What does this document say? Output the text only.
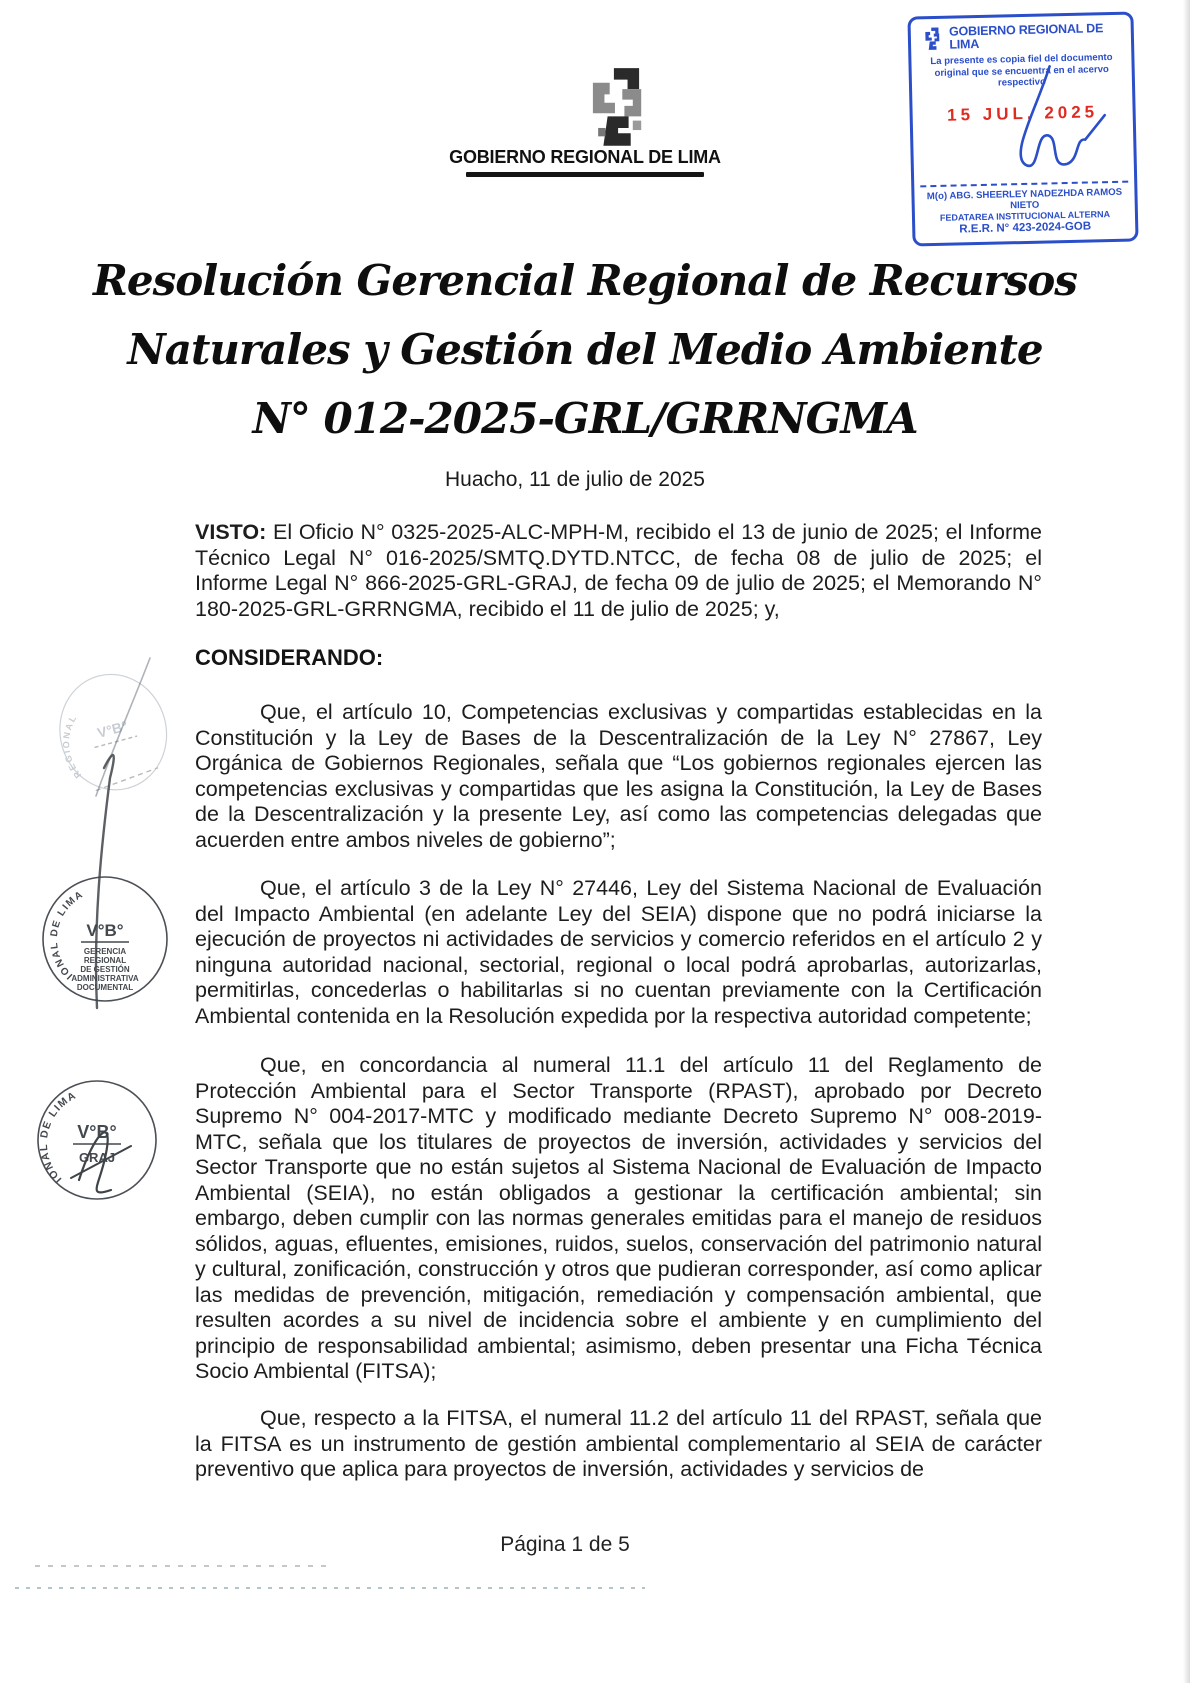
GOBIERNO REGIONAL DE LIMA
GOBIERNO REGIONAL DE LIMA
La presente es copia fiel del documento
original que se encuentra en el acervo
respectivo
15 JUL. 2025
M(o) ABG. SHEERLEY NADEZHDA RAMOS NIETO
FEDATAREA INSTITUCIONAL ALTERNA
R.E.R. N° 423-2024-GOB
Resolución Gerencial Regional de Recursos
Naturales y Gestión del Medio Ambiente
N° 012-2025-GRL/GRRNGMA
Huacho, 11 de julio de 2025

VISTO: El Oficio N° 0325-2025-ALC-MPH-M, recibido el 13 de junio de 2025; el Informe Técnico Legal N° 016-2025/SMTQ.DYTD.NTCC, de fecha 08 de julio de 2025; el Informe Legal N° 866-2025-GRL-GRAJ, de fecha 09 de julio de 2025; el Memorando N° 180-2025-GRL-GRRNGMA, recibido el 11 de julio de 2025; y,

CONSIDERANDO:

Que, el artículo 10, Competencias exclusivas y compartidas establecidas en la Constitución y la Ley de Bases de la Descentralización de la Ley N° 27867, Ley Orgánica de Gobiernos Regionales, señala que “Los gobiernos regionales ejercen las competencias exclusivas y compartidas que les asigna la Constitución, la Ley de Bases de la Descentralización y la presente Ley, así como las competencias delegadas que acuerden entre ambos niveles de gobierno”;

Que, el artículo 3 de la Ley N° 27446, Ley del Sistema Nacional de Evaluación del Impacto Ambiental (en adelante Ley del SEIA) dispone que no podrá iniciarse la ejecución de proyectos ni actividades de servicios y comercio referidos en el artículo 2 y ninguna autoridad nacional, sectorial, regional o local podrá aprobarlas, autorizarlas, permitirlas, concederlas o habilitarlas si no cuentan previamente con la Certificación Ambiental contenida en la Resolución expedida por la respectiva autoridad competente;

Que, en concordancia al numeral 11.1 del artículo 11 del Reglamento de Protección Ambiental para el Sector Transporte (RPAST), aprobado por Decreto Supremo N° 004-2017-MTC y modificado mediante Decreto Supremo N° 008-2019-MTC, señala que los titulares de proyectos de inversión, actividades y servicios del Sector Transporte que no están sujetos al Sistema Nacional de Evaluación de Impacto Ambiental (SEIA), no están obligados a gestionar la certificación ambiental; sin embargo, deben cumplir con las normas generales emitidas para el manejo de residuos sólidos, aguas, efluentes, emisiones, ruidos, suelos, conservación del patrimonio natural y cultural, zonificación, construcción y otros que pudieran corresponder, así como aplicar las medidas de prevención, mitigación, remediación y compensación ambiental, que resulten acordes a su nivel de incidencia sobre el ambiente y en cumplimiento del principio de responsabilidad ambiental; asimismo, deben presentar una Ficha Técnica Socio Ambiental (FITSA);

Que, respecto a la FITSA, el numeral 11.2 del artículo 11 del RPAST, señala que la FITSA es un instrumento de gestión ambiental complementario al SEIA de carácter preventivo que aplica para proyectos de inversión, actividades y servicios de

Página 1 de 5
GOBIERNO REGIONAL	V°B°
GOBIERNO REGIONAL DE LIMA
V°B°
GERENCIA
REGIONAL
DE GESTIÓN
ADMINISTRATIVA
DOCUMENTAL
GOBIERNO REGIONAL DE LIMA
V°B°
GRAJ
